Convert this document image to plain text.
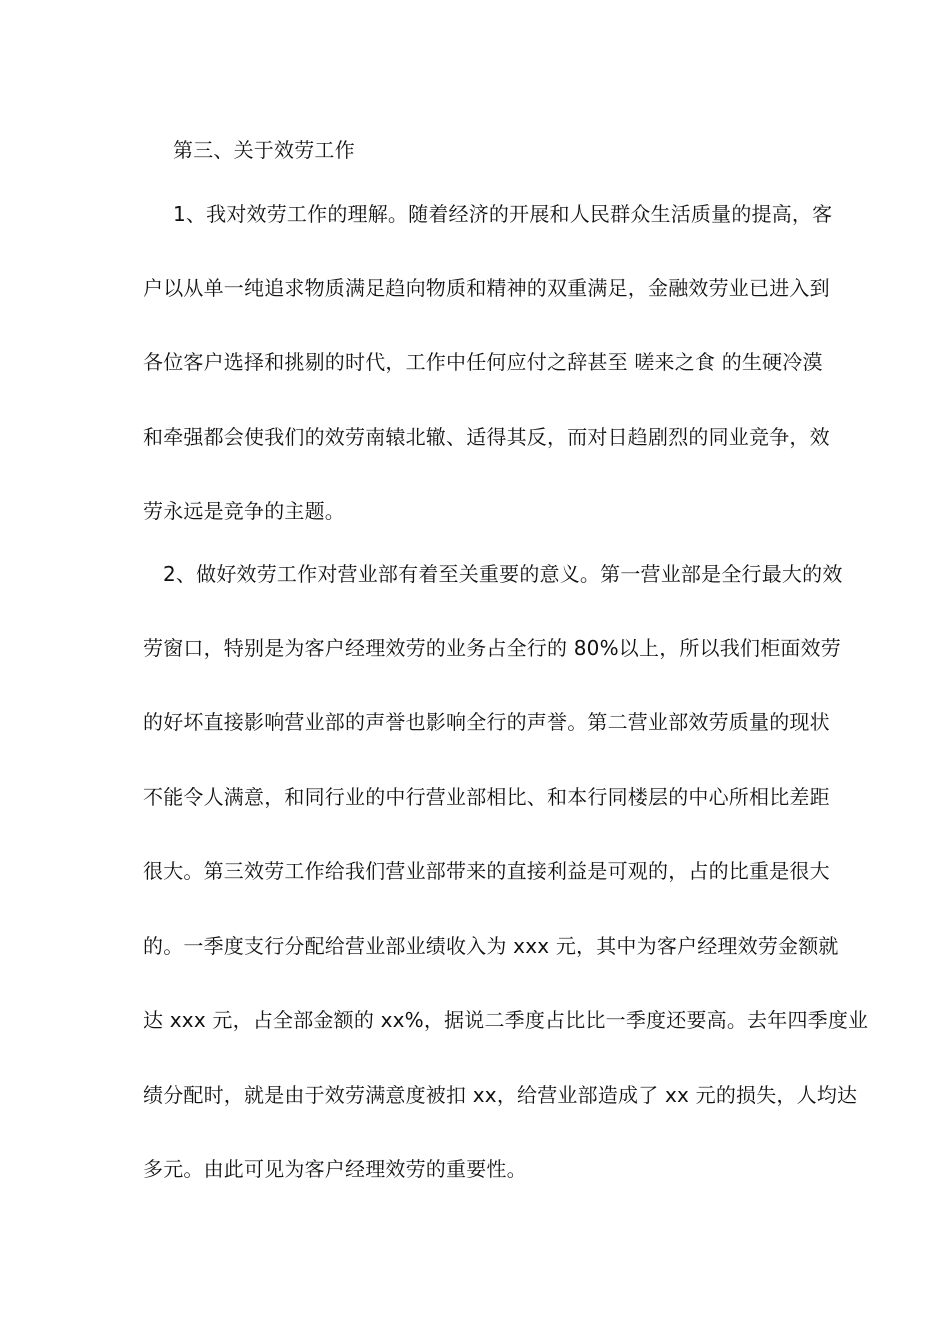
第三、关于效劳工作
1、我对效劳工作的理解。随着经济的开展和人民群众生活质量的提高，客
户以从单一纯追求物质满足趋向物质和精神的双重满足，金融效劳业已进入到
各位客户选择和挑剔的时代，工作中任何应付之辞甚至 嗟来之食 的生硬冷漠
和牵强都会使我们的效劳南辕北辙、适得其反，而对日趋剧烈的同业竞争，效
劳永远是竞争的主题。
2、做好效劳工作对营业部有着至关重要的意义。第一营业部是全行最大的效
劳窗口，特别是为客户经理效劳的业务占全行的 80%以上，所以我们柜面效劳
的好坏直接影响营业部的声誉也影响全行的声誉。第二营业部效劳质量的现状
不能令人满意，和同行业的中行营业部相比、和本行同楼层的中心所相比差距
很大。第三效劳工作给我们营业部带来的直接利益是可观的，占的比重是很大
的。一季度支行分配给营业部业绩收入为 xxx 元，其中为客户经理效劳金额就
达 xxx 元，占全部金额的 xx%，据说二季度占比比一季度还要高。去年四季度业
绩分配时，就是由于效劳满意度被扣 xx，给营业部造成了 xx 元的损失，人均达
多元。由此可见为客户经理效劳的重要性。
